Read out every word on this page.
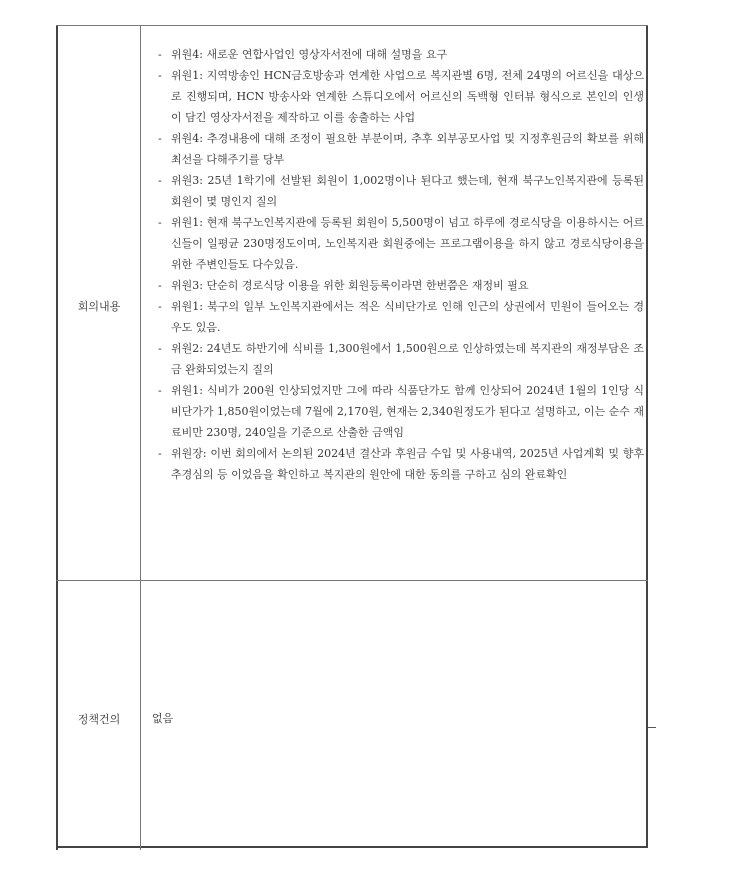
회의내용
정책건의
- 위원4: 새로운 연합사업인 영상자서전에 대해 설명을 요구
- 위원1: 지역방송인 HCN금호방송과 연계한 사업으로 복지관별 6명, 전체 24명의 어르신을 대상으로 진행되며, HCN 방송사와 연계한 스튜디오에서 어르신의 독백형 인터뷰 형식으로 본인의 인생이 담긴 영상자서전을 제작하고 이를 송출하는 사업
- 위원4: 추경내용에 대해 조정이 필요한 부분이며, 추후 외부공모사업 및 지정후원금의 확보를 위해 최선을 다해주기를 당부
- 위원3: 25년 1학기에 선발된 회원이 1,002명이나 된다고 했는데, 현재 북구노인복지관에 등록된 회원이 몇 명인지 질의
- 위원1: 현재 북구노인복지관에 등록된 회원이 5,500명이 넘고 하루에 경로식당을 이용하시는 어르신들이 일평균 230명정도이며, 노인복지관 회원중에는 프로그램이용을 하지 않고 경로식당이용을 위한 주변인들도 다수있음.
- 위원3: 단순히 경로식당 이용을 위한 회원등록이라면 한번쯤은 재정비 필요
- 위원1: 북구의 일부 노인복지관에서는 적은 식비단가로 인해 인근의 상권에서 민원이 들어오는 경우도 있음.
- 위원2: 24년도 하반기에 식비를 1,300원에서 1,500원으로 인상하였는데 복지관의 재정부담은 조금 완화되었는지 질의
- 위원1: 식비가 200원 인상되었지만 그에 따라 식품단가도 함께 인상되어 2024년 1월의 1인당 식비단가가 1,850원이었는데 7월에 2,170원, 현재는 2,340원정도가 된다고 설명하고, 이는 순수 재료비만 230명, 240일을 기준으로 산출한 금액임
- 위원장: 이번 회의에서 논의된 2024년 결산과 후원금 수입 및 사용내역, 2025년 사업계획 및 향후 추경심의 등 이었음을 확인하고 복지관의 원안에 대한 동의를 구하고 심의 완료확인
없음
